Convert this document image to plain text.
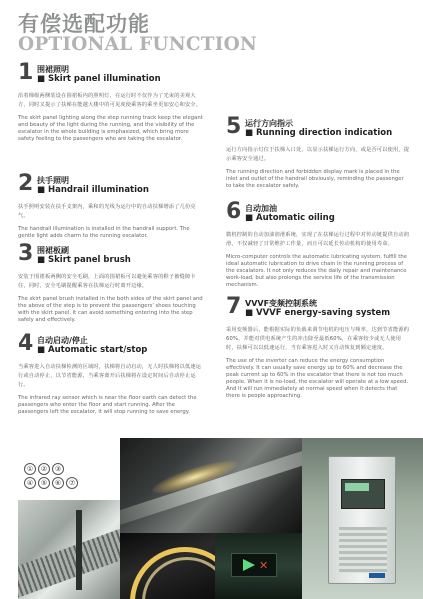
有偿选配功能
OPTIONAL FUNCTION
1 围裙照明
■ Skirt panel illumination
沿着梯级两侧装设在围裙板内的照明灯，在运行时不仅作为了光束的美观大方，同时又提示了扶梯在能越大楼中的可见度使乘客的乘坐更加安心和安全。
The skirt panel lighting along the step running track keep the elegant and beauty of the light during the running, and the visibility of the escalator in the whole building is emphasized, which bring more safety feeling to the passengers who are taking the escalator.
2 扶手照明
■ Handrail illumination
扶手照明安装在扶手支架内，乘和的光线为运行中的自动扶梯增添了几份亮气。
The handrail illumination is installed in the handrail support. The gentle light adds charm to the running escalator.
3 围裙板刷
■ Skirt panel brush
安装于围裙板两侧的安全毛刷，上面的围裙板可以避免乘客的鞋子被缝隙卡住，同时，安全毛刷提醒乘客在扶梯运行时离开边缘。
The skirt panel brush installed in the both sides of the skirt panel and the above of the step is to prevent the passengers' shoes touching with the skirt panel. It can avoid something entering into the step safely and effectively.
4 自动启动/停止
■ Automatic start/stop
当乘客进入自动扶梯检测的区域时，扶梯将自动启动，无人时扶梯将以低速运行或自动停止，以节省能源，当乘客离开后扶梯将在设定时间后自动停止运行。
The infrared ray sensor which is near the floor earth can detect the passengers who enter the floor and start running. After the passengers left the escalator, it will stop running to save energy.
5 运行方向指示
■ Running direction indication
运行方向指示灯位于扶梯入口处，以显示扶梯运行方向，或是否可以使用，提示乘客安全通过。
The running direction and forbidden display mark is placed in the inlet and outlet of the handrail obviously, reminding the passenger to take the escalator safely.
6 自动加油
■ Automatic oiling
微机控制的自动加油润滑系统，实现了在扶梯运行过程中对传动链提供自动润滑，不仅减轻了日常维护工作量，而且可以延长传动机构的使用寿命。
Micro-computer controls the automatic lubricating system, fulfill the ideal automatic lubrication to drive chain in the running process of the escalators. It not only reduces the daily repair and maintenance work-load, but also prolongs the service life of the transmission mechanism.
7 VVVF变频控制系统
■ VVVF energy-saving system
采用变频器后，能根据实际的负载来调节电机的电压与频率，达到节省能源约60%，并能对供电系统产生的冲击降至最低60%，在乘客较少或无人使用时，扶梯可以以低速运行，当有乘客进入时又自动恢复到额定速度。
The use of the inverter can reduce the energy consumption effectively. It can usually save energy up to 60% and decrease the peak current up to 60% in the escalator that there is not too much people. When it is no-load, the escalator will operate at a low speed. And it will run immediately at normal speed when it detects that there is people approaching.
①	②	③
④	⑤	⑥	⑦
✕
